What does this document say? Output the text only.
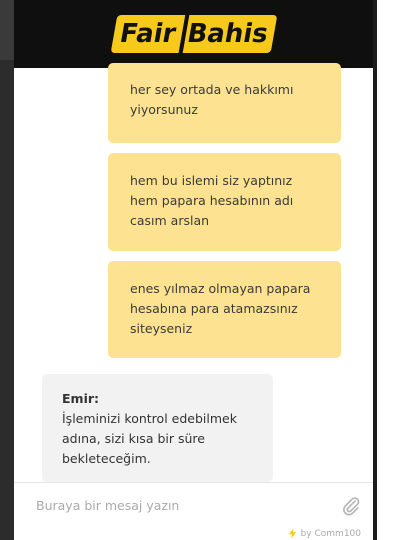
Fair Bahis
her sey ortada ve hakkımı yiyorsunuz
hem bu islemi siz yaptınız hem papara hesabının adı casım arslan
enes yılmaz olmayan papara hesabına para atamazsınız siteyseniz
Emir:
İşleminizi kontrol edebilmek adına, sizi kısa bir süre bekleteceğim.
Buraya bir mesaj yazın
by Comm100
